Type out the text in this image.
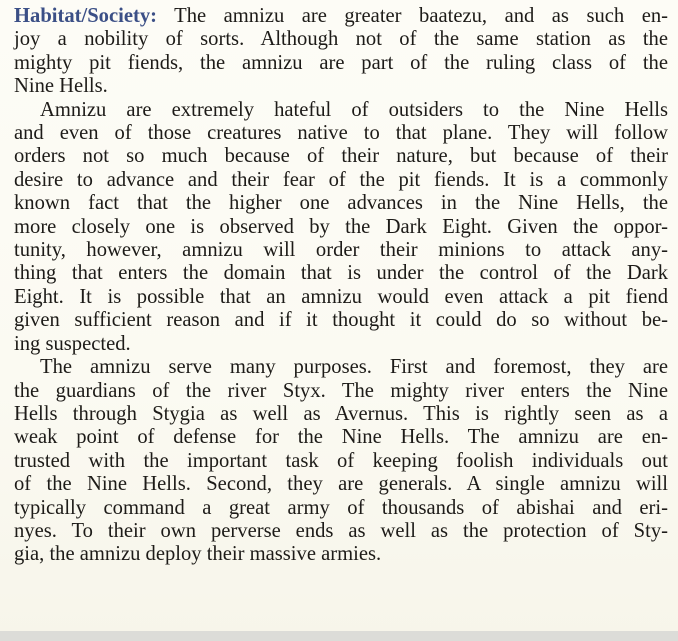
Habitat/Society: The amnizu are greater baatezu, and as such en-
joy a nobility of sorts. Although not of the same station as the
mighty pit fiends, the amnizu are part of the ruling class of the
Nine Hells.
Amnizu are extremely hateful of outsiders to the Nine Hells
and even of those creatures native to that plane. They will follow
orders not so much because of their nature, but because of their
desire to advance and their fear of the pit fiends. It is a commonly
known fact that the higher one advances in the Nine Hells, the
more closely one is observed by the Dark Eight. Given the oppor-
tunity, however, amnizu will order their minions to attack any-
thing that enters the domain that is under the control of the Dark
Eight. It is possible that an amnizu would even attack a pit fiend
given sufficient reason and if it thought it could do so without be-
ing suspected.
The amnizu serve many purposes. First and foremost, they are
the guardians of the river Styx. The mighty river enters the Nine
Hells through Stygia as well as Avernus. This is rightly seen as a
weak point of defense for the Nine Hells. The amnizu are en-
trusted with the important task of keeping foolish individuals out
of the Nine Hells. Second, they are generals. A single amnizu will
typically command a great army of thousands of abishai and eri-
nyes. To their own perverse ends as well as the protection of Sty-
gia, the amnizu deploy their massive armies.
